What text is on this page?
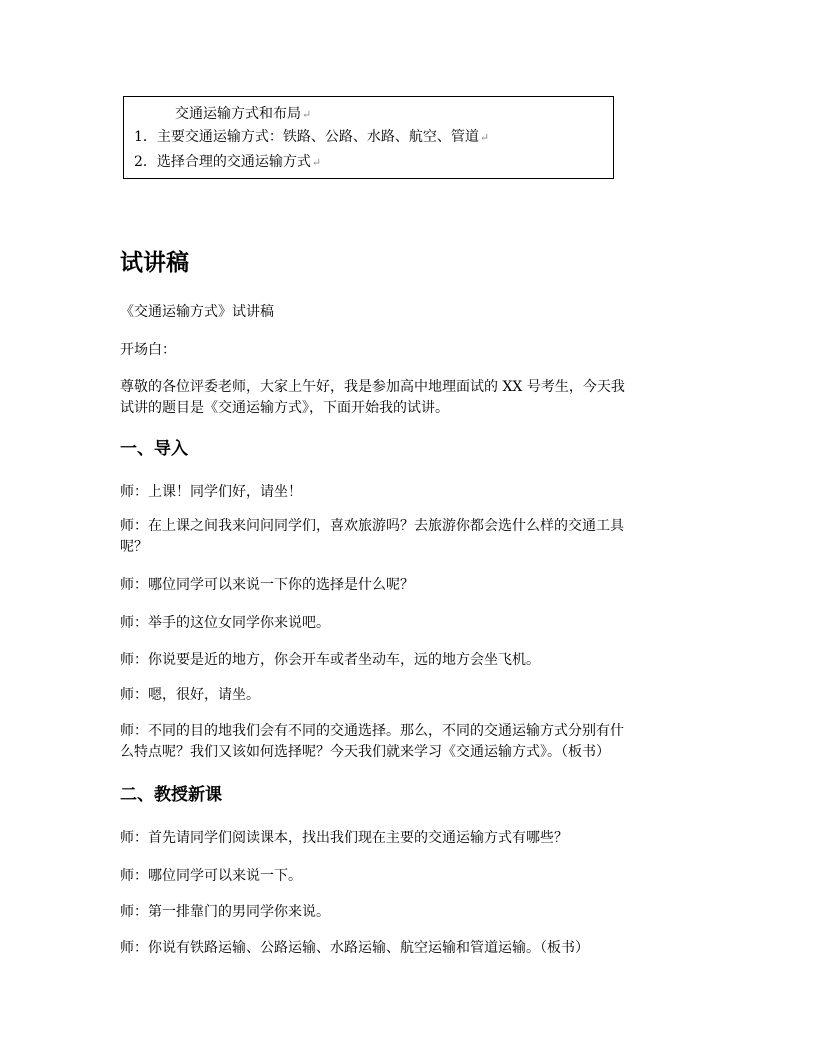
交通运输方式和布局↵
1．主要交通运输方式：铁路、公路、水路、航空、管道↵
2．选择合理的交通运输方式↵
试讲稿
《交通运输方式》试讲稿
开场白：
尊敬的各位评委老师，大家上午好，我是参加高中地理面试的 XX 号考生，今天我
试讲的题目是《交通运输方式》，下面开始我的试讲。
一、导入
师：上课！同学们好，请坐！
师：在上课之间我来问问同学们，喜欢旅游吗？去旅游你都会选什么样的交通工具
呢？
师：哪位同学可以来说一下你的选择是什么呢？
师：举手的这位女同学你来说吧。
师：你说要是近的地方，你会开车或者坐动车，远的地方会坐飞机。
师：嗯，很好，请坐。
师：不同的目的地我们会有不同的交通选择。那么，不同的交通运输方式分别有什
么特点呢？我们又该如何选择呢？今天我们就来学习《交通运输方式》。（板书）
二、教授新课
师：首先请同学们阅读课本，找出我们现在主要的交通运输方式有哪些？
师：哪位同学可以来说一下。
师：第一排靠门的男同学你来说。
师：你说有铁路运输、公路运输、水路运输、航空运输和管道运输。（板书）
